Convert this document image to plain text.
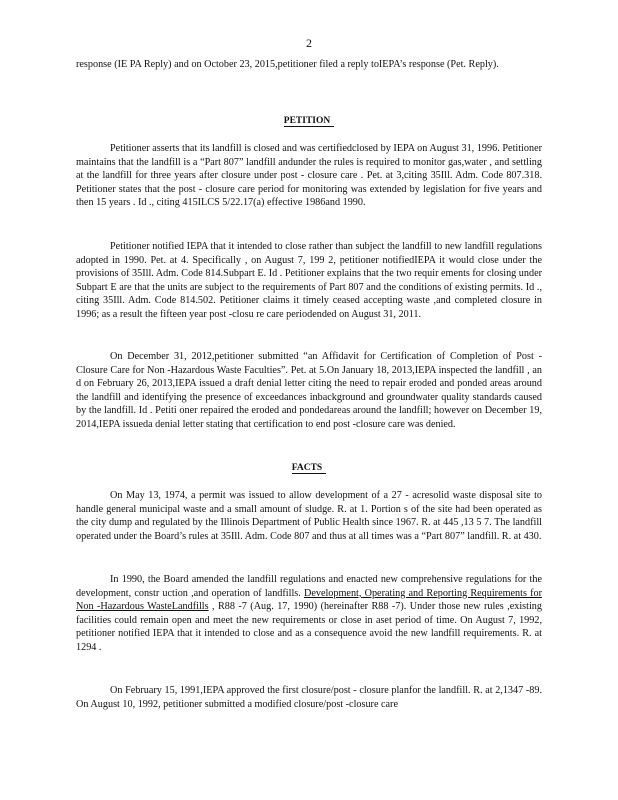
2

response (IE PA Reply) and on October 23, 2015,petitioner filed a reply toIEPA’s response (Pet. Reply).

PETITION

Petitioner asserts that its landfill is closed and was certifiedclosed by IEPA on August 31, 1996. Petitioner maintains that the landfill is a “Part 807” landfill andunder the rules is required to monitor gas,water , and settling at the landfill for three years after closure under post - closure care . Pet. at 3,citing 35Ill. Adm. Code 807.318. Petitioner states that the post - closure care period for monitoring was extended by legislation for five years and then 15 years . Id ., citing 415ILCS 5/22.17(a) effective 1986and 1990.

Petitioner notified IEPA that it intended to close rather than subject the landfill to new landfill regulations adopted in 1990. Pet. at 4. Specifically , on August 7, 199 2, petitioner notifiedIEPA it would close under the provisions of 35Ill. Adm. Code 814.Subpart E. Id . Petitioner explains that the two requir ements for closing under Subpart E are that the units are subject to the requirements of Part 807 and the conditions of existing permits. Id ., citing 35Ill. Adm. Code 814.502. Petitioner claims it timely ceased accepting waste ,and completed closure in 1996; as a result the fifteen year post -closu re care periodended on August 31, 2011.

On December 31, 2012,petitioner submitted “an Affidavit for Certification of Completion of Post -Closure Care for Non -Hazardous Waste Faculties”. Pet. at 5.On January 18, 2013,IEPA inspected the landfill , an d on February 26, 2013,IEPA issued a draft denial letter citing the need to repair eroded and ponded areas around the landfill and identifying the presence of exceedances inbackground and groundwater quality standards caused by the landfill. Id . Petiti oner repaired the eroded and pondedareas around the landfill; however on December 19, 2014,IEPA issueda denial letter stating that certification to end post -closure care was denied.

FACTS

On May 13, 1974, a permit was issued to allow development of a 27 - acresolid waste disposal site to handle general municipal waste and a small amount of sludge. R. at 1. Portion s of the site had been operated as the city dump and regulated by the Illinois Department of Public Health since 1967. R. at 445 ,13 5 7. The landfill operated under the Board’s rules at 35Ill. Adm. Code 807 and thus at all times was a “Part 807” landfill. R. at 430.

In 1990, the Board amended the landfill regulations and enacted new comprehensive regulations for the development, constr uction ,and operation of landfills. Development, Operating and Reporting Requirements for Non -Hazardous WasteLandfills , R88 -7 (Aug. 17, 1990) (hereinafter R88 -7). Under those new rules ,existing facilities could remain open and meet the new requirements or close in aset period of time. On August 7, 1992, petitioner notified IEPA that it intended to close and as a consequence avoid the new landfill requirements. R. at 1294 .

On February 15, 1991,IEPA approved the first closure/post - closure planfor the landfill. R. at 2,1347 -89. On August 10, 1992, petitioner submitted a modified closure/post -closure care
